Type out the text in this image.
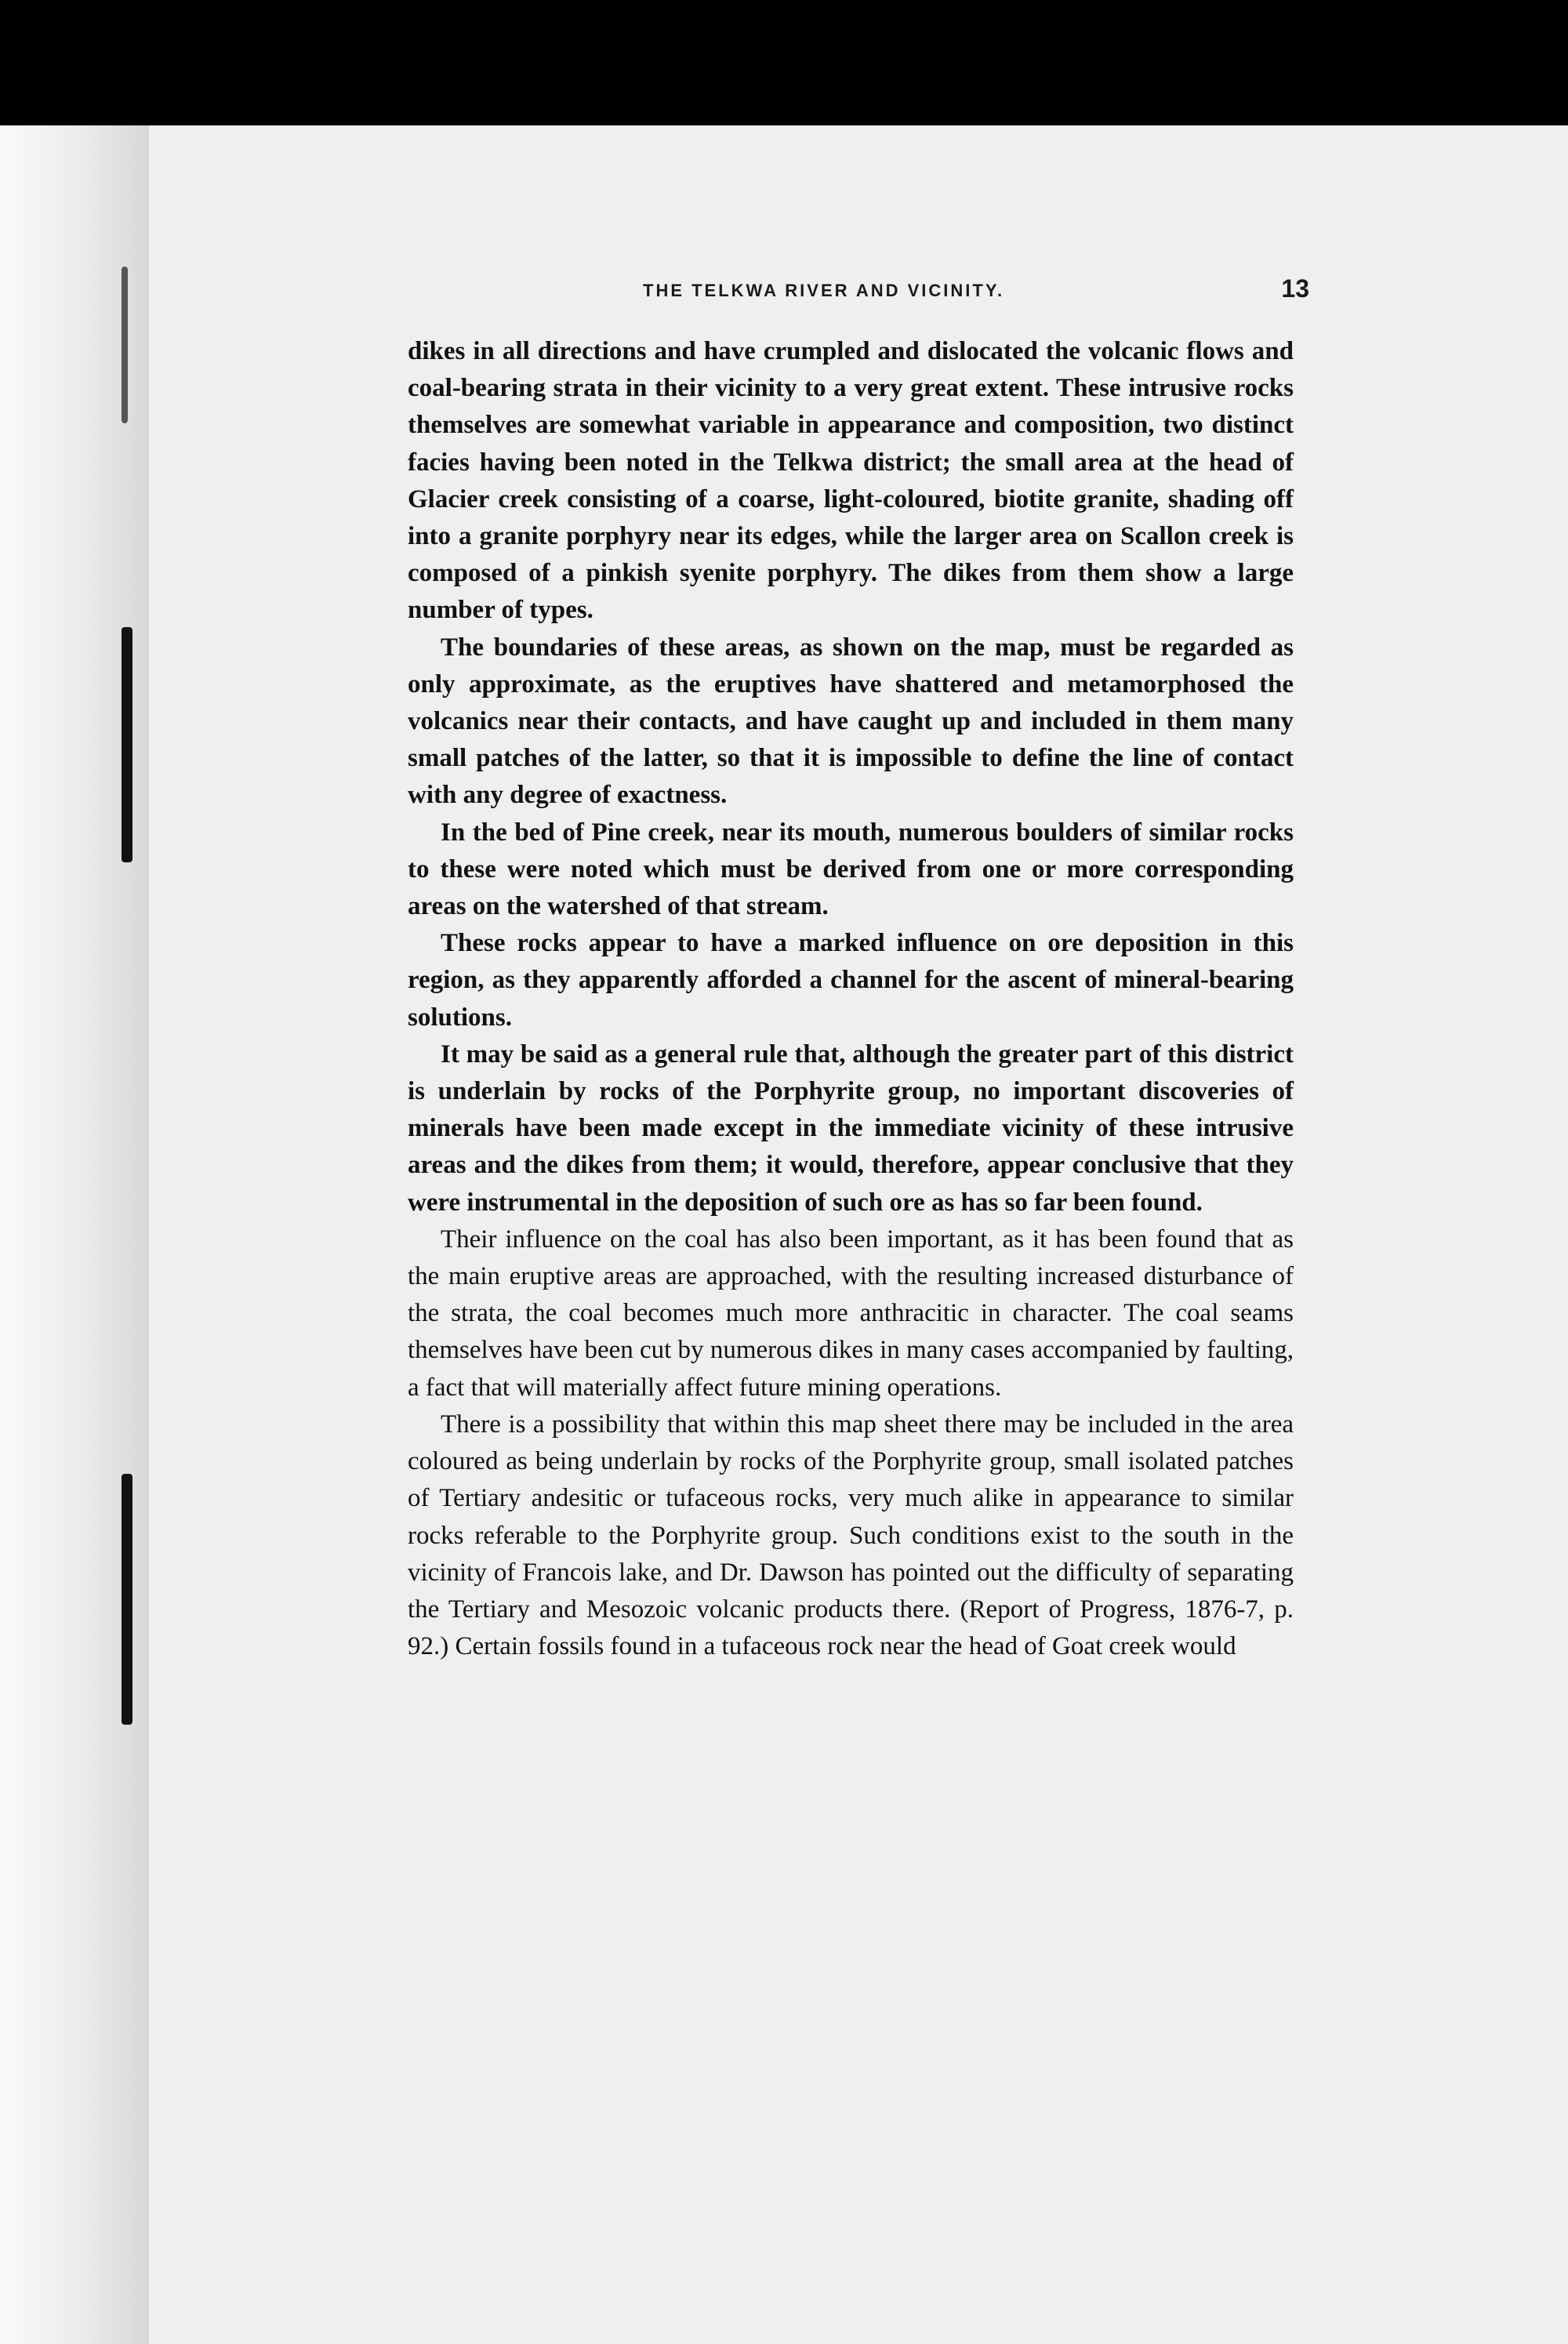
THE TELKWA RIVER AND VICINITY.	13

dikes in all directions and have crumpled and dislocated the volcanic flows and coal-bearing strata in their vicinity to a very great extent. These intrusive rocks themselves are somewhat variable in appearance and composition, two distinct facies having been noted in the Telkwa district; the small area at the head of Glacier creek consisting of a coarse, light-coloured, biotite granite, shading off into a granite porphyry near its edges, while the larger area on Scallon creek is composed of a pinkish syenite porphyry. The dikes from them show a large number of types.

The boundaries of these areas, as shown on the map, must be regarded as only approximate, as the eruptives have shattered and metamorphosed the volcanics near their contacts, and have caught up and included in them many small patches of the latter, so that it is impossible to define the line of contact with any degree of exactness.

In the bed of Pine creek, near its mouth, numerous boulders of similar rocks to these were noted which must be derived from one or more corresponding areas on the watershed of that stream.

These rocks appear to have a marked influence on ore deposition in this region, as they apparently afforded a channel for the ascent of mineral-bearing solutions.

It may be said as a general rule that, although the greater part of this district is underlain by rocks of the Porphyrite group, no important discoveries of minerals have been made except in the immediate vicinity of these intrusive areas and the dikes from them; it would, therefore, appear conclusive that they were instrumental in the deposition of such ore as has so far been found.

Their influence on the coal has also been important, as it has been found that as the main eruptive areas are approached, with the resulting increased disturbance of the strata, the coal becomes much more anthracitic in character. The coal seams themselves have been cut by numerous dikes in many cases accompanied by faulting, a fact that will materially affect future mining operations.

There is a possibility that within this map sheet there may be included in the area coloured as being underlain by rocks of the Porphyrite group, small isolated patches of Tertiary andesitic or tufaceous rocks, very much alike in appearance to similar rocks referable to the Porphyrite group. Such conditions exist to the south in the vicinity of Francois lake, and Dr. Dawson has pointed out the difficulty of separating the Tertiary and Mesozoic volcanic products there. (Report of Progress, 1876-7, p. 92.) Certain fossils found in a tufaceous rock near the head of Goat creek would
